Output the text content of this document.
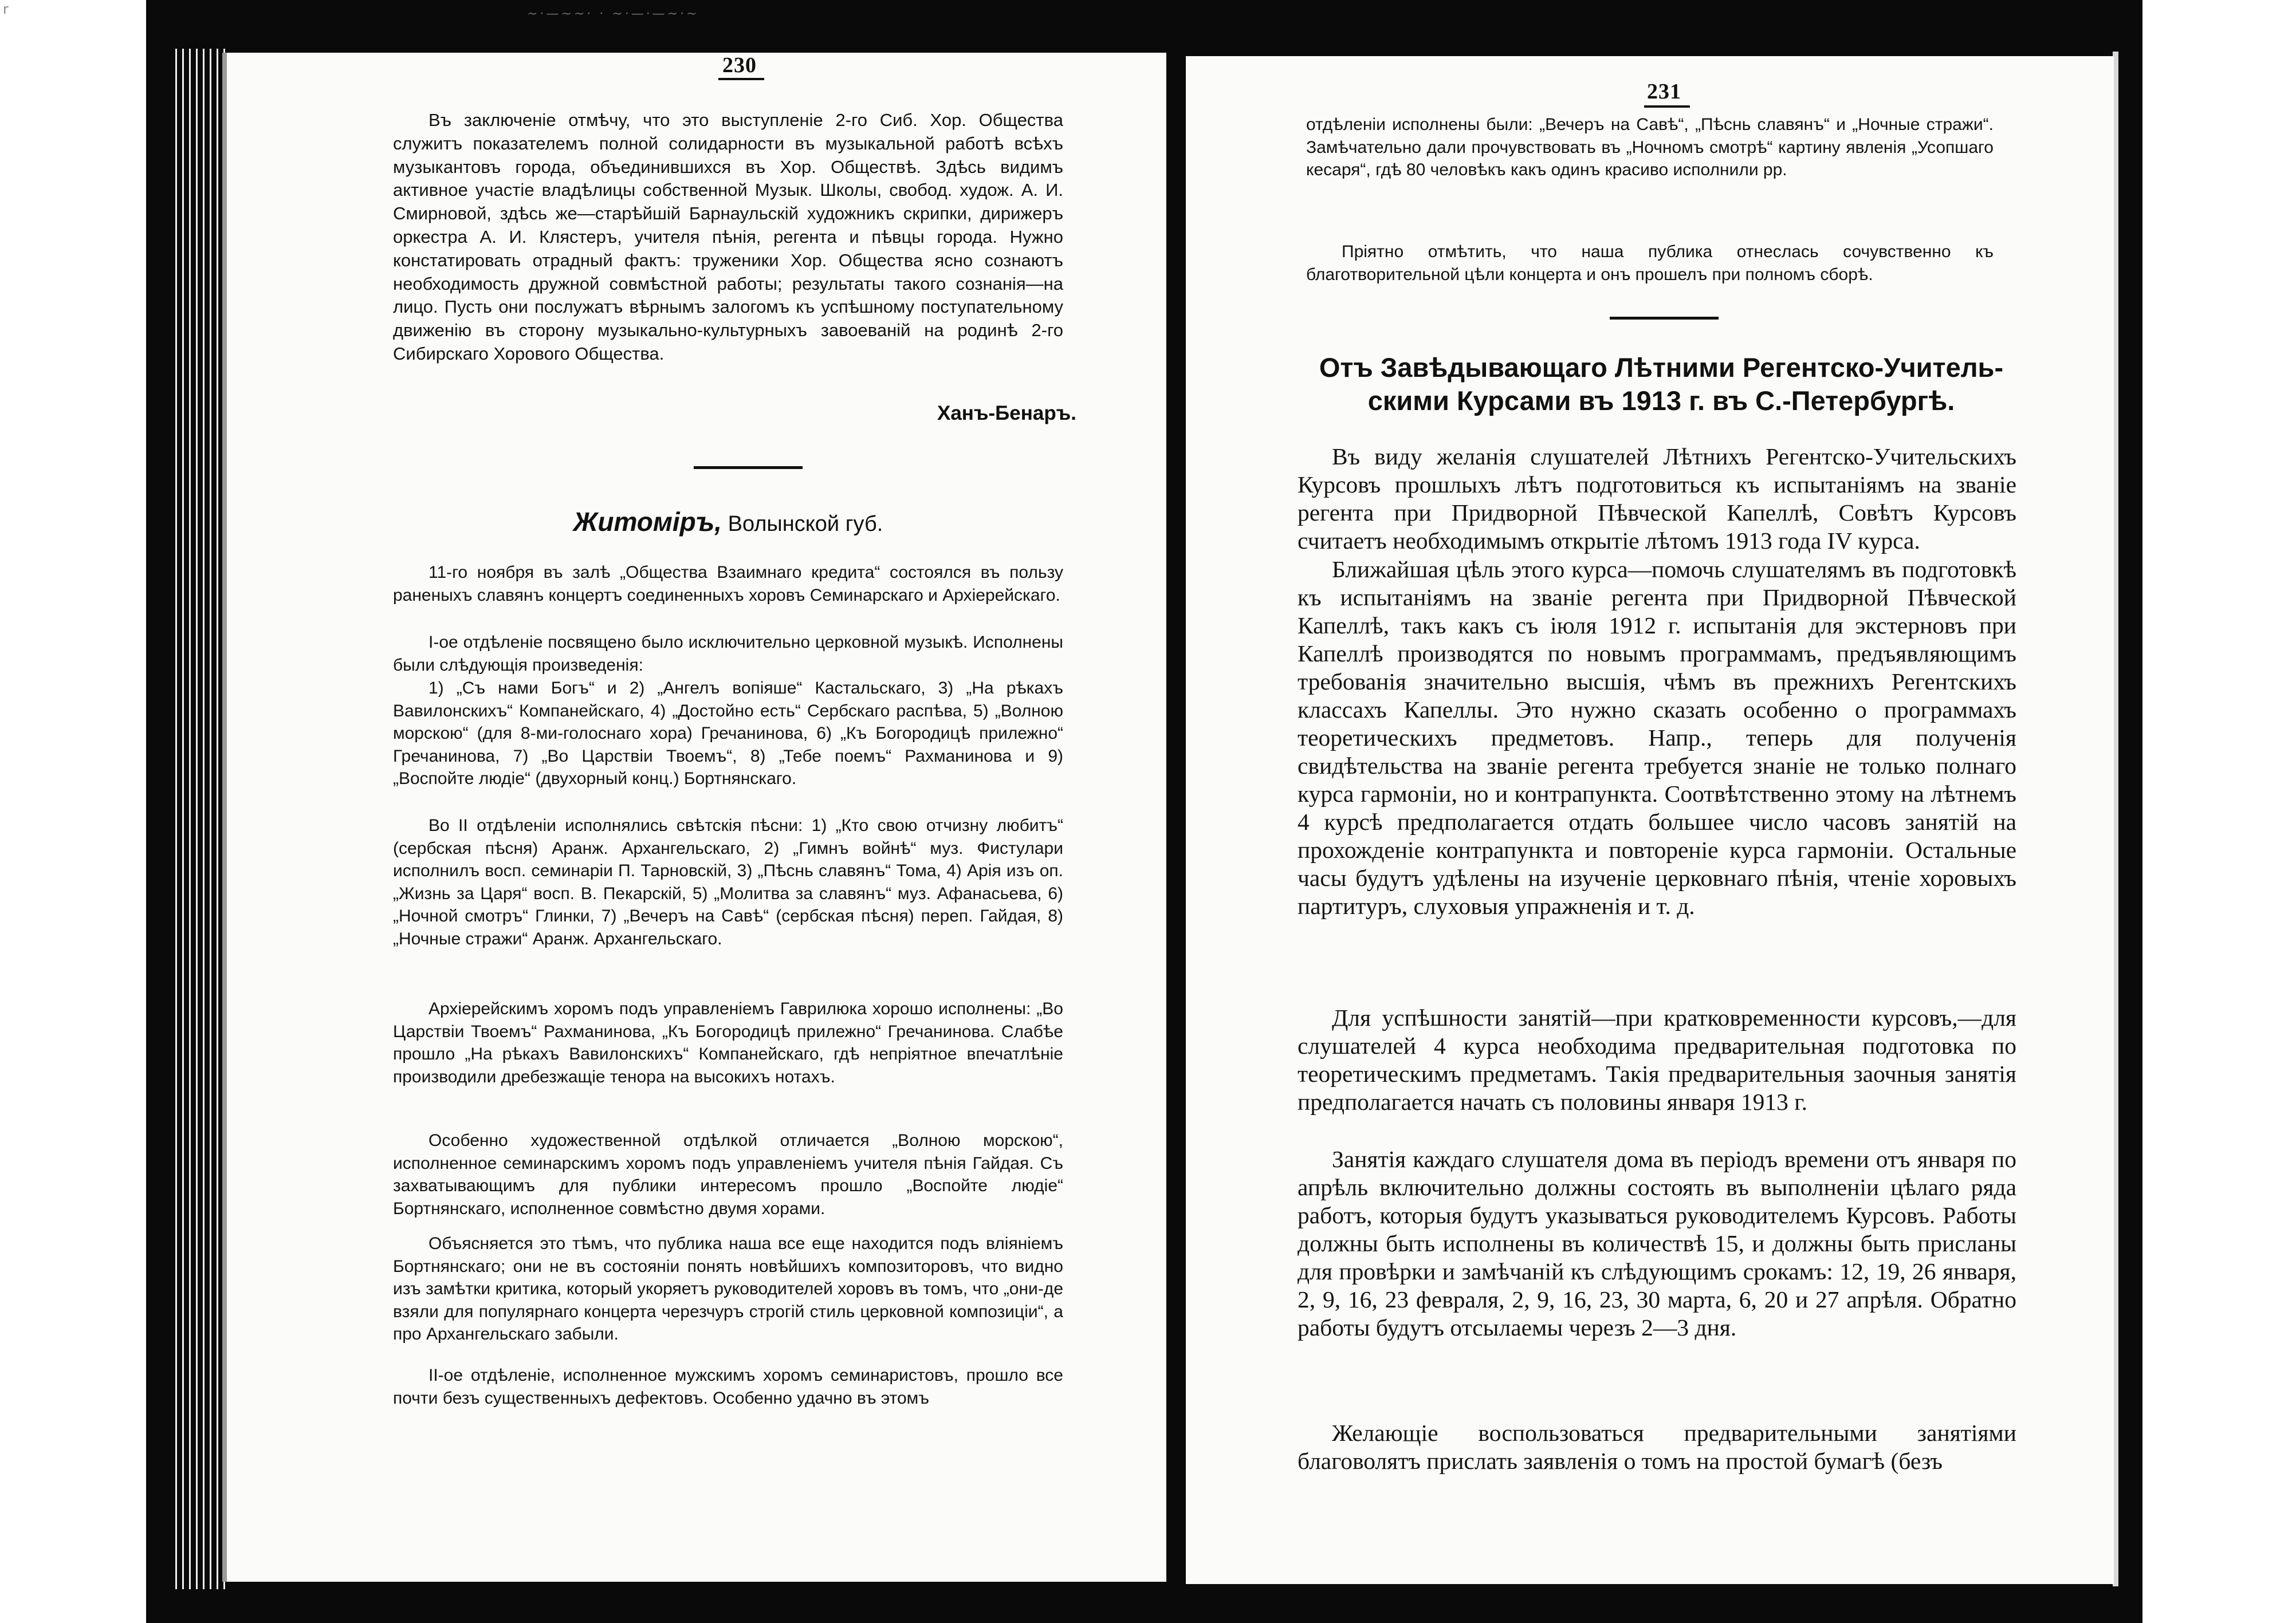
r	~·—~~· · ~·—·—~·~
230

Въ заключеніе отмѣчу, что это выступленіе 2-го Сиб. Хор. Общества служитъ показателемъ полной солидарности въ музыкальной работѣ всѣхъ музыкантовъ города, объединившихся въ Хор. Обществѣ. Здѣсь видимъ активное участіе владѣлицы собственной Музык. Школы, свобод. худож. А. И. Смирновой, здѣсь же—старѣйшій Барнаульскій художникъ скрипки, дирижеръ оркестра А. И. Клястеръ, учителя пѣнія, регента и пѣвцы города. Нужно констатировать отрадный фактъ: труженики Хор. Общества ясно сознаютъ необходимость дружной совмѣстной работы; результаты такого сознанія—на лицо. Пусть они послужатъ вѣрнымъ залогомъ къ успѣшному поступательному движенію въ сторону музыкально-культурныхъ завоеваній на родинѣ 2-го Сибирскаго Хорового Общества.

Ханъ-Бенаръ.
Житоміръ, Волынской губ.

11-го ноября въ залѣ „Общества Взаимнаго кредита“ состоялся въ пользу раненыхъ славянъ концертъ соединенныхъ хоровъ Семинарскаго и Архіерейскаго.

I-ое отдѣленіе посвящено было исключительно церковной музыкѣ. Исполнены были слѣдующія произведенія:

1) „Съ нами Богъ“ и 2) „Ангелъ вопіяше“ Кастальскаго, 3) „На рѣкахъ Вавилонскихъ“ Компанейскаго, 4) „Достойно есть“ Сербскаго распѣва, 5) „Волною морскою“ (для 8-ми-голоснаго хора) Гречанинова, 6) „Къ Богородицѣ прилежно“ Гречанинова, 7) „Во Царствіи Твоемъ“, 8) „Тебе поемъ“ Рахманинова и 9) „Воспойте людіе“ (двухорный конц.) Бортнянскаго.

Во II отдѣленіи исполнялись свѣтскія пѣсни: 1) „Кто свою отчизну любитъ“ (сербская пѣсня) Аранж. Архангельскаго, 2) „Гимнъ войнѣ“ муз. Фистулари исполнилъ восп. семинаріи П. Тарновскій, 3) „Пѣснь славянъ“ Тома, 4) Арія изъ оп. „Жизнь за Царя“ восп. В. Пекарскій, 5) „Молитва за славянъ“ муз. Афанасьева, 6) „Ночной смотръ“ Глинки, 7) „Вечеръ на Савѣ“ (сербская пѣсня) переп. Гайдая, 8) „Ночные стражи“ Аранж. Архангельскаго.

Архіерейскимъ хоромъ подъ управленіемъ Гаврилюка хорошо исполнены: „Во Царствіи Твоемъ“ Рахманинова, „Къ Богородицѣ прилежно“ Гречанинова. Слабѣе прошло „На рѣкахъ Вавилонскихъ“ Компанейскаго, гдѣ непріятное впечатлѣніе производили дребезжащіе тенора на высокихъ нотахъ.

Особенно художественной отдѣлкой отличается „Волною морскою“, исполненное семинарскимъ хоромъ подъ управленіемъ учителя пѣнія Гайдая. Съ захватывающимъ для публики интересомъ прошло „Воспойте людіе“ Бортнянскаго, исполненное совмѣстно двумя хорами.

Объясняется это тѣмъ, что публика наша все еще находится подъ вліяніемъ Бортнянскаго; они не въ состояніи понять новѣйшихъ композиторовъ, что видно изъ замѣтки критика, который укоряетъ руководителей хоровъ въ томъ, что „они-де взяли для популярнаго концерта черезчуръ строгій стиль церковной композиціи“, а про Архангельскаго забыли.

II-ое отдѣленіе, исполненное мужскимъ хоромъ семинаристовъ, прошло все почти безъ существенныхъ дефектовъ. Особенно удачно въ этомъ

231

отдѣленіи исполнены были: „Вечеръ на Савѣ“, „Пѣснь славянъ“ и „Ночные стражи“. Замѣчательно дали прочувствовать въ „Ночномъ смотрѣ“ картину явленія „Усопшаго кесаря“, гдѣ 80 человѣкъ какъ одинъ красиво исполнили рр.

Пріятно отмѣтить, что наша публика отнеслась сочувственно къ благотворительной цѣли концерта и онъ прошелъ при полномъ сборѣ.

Отъ Завѣдывающаго Лѣтними Регентско-Учитель-
скими Курсами въ 1913 г. въ С.-Петербургѣ.

Въ виду желанія слушателей Лѣтнихъ Регентско-Учительскихъ Курсовъ прошлыхъ лѣтъ подготовиться къ испытаніямъ на званіе регента при Придворной Пѣвческой Капеллѣ, Совѣтъ Курсовъ считаетъ необходимымъ открытіе лѣтомъ 1913 года IV курса.

Ближайшая цѣль этого курса—помочь слушателямъ въ подготовкѣ къ испытаніямъ на званіе регента при Придворной Пѣвческой Капеллѣ, такъ какъ съ іюля 1912 г. испытанія для экстерновъ при Капеллѣ производятся по новымъ программамъ, предъявляющимъ требованія значительно высшія, чѣмъ въ прежнихъ Регентскихъ классахъ Капеллы. Это нужно сказать особенно о программахъ теоретическихъ предметовъ. Напр., теперь для полученія свидѣтельства на званіе регента требуется знаніе не только полнаго курса гармоніи, но и контрапункта. Соотвѣтственно этому на лѣтнемъ 4 курсѣ предполагается отдать большее число часовъ занятій на прохожденіе контрапункта и повтореніе курса гармоніи. Остальные часы будутъ удѣлены на изученіе церковнаго пѣнія, чтеніе хоровыхъ партитуръ, слуховыя упражненія и т. д.

Для успѣшности занятій—при кратковременности курсовъ,—для слушателей 4 курса необходима предварительная подготовка по теоретическимъ предметамъ. Такія предварительныя заочныя занятія предполагается начать съ половины января 1913 г.

Занятія каждаго слушателя дома въ періодъ времени отъ января по апрѣль включительно должны состоять въ выполненіи цѣлаго ряда работъ, которыя будутъ указываться руководителемъ Курсовъ. Работы должны быть исполнены въ количествѣ 15, и должны быть присланы для провѣрки и замѣчаній къ слѣдующимъ срокамъ: 12, 19, 26 января, 2, 9, 16, 23 февраля, 2, 9, 16, 23, 30 марта, 6, 20 и 27 апрѣля. Обратно работы будутъ отсылаемы черезъ 2—3 дня.

Желающіе воспользоваться предварительными занятіями благоволятъ прислать заявленія о томъ на простой бумагѣ (безъ
